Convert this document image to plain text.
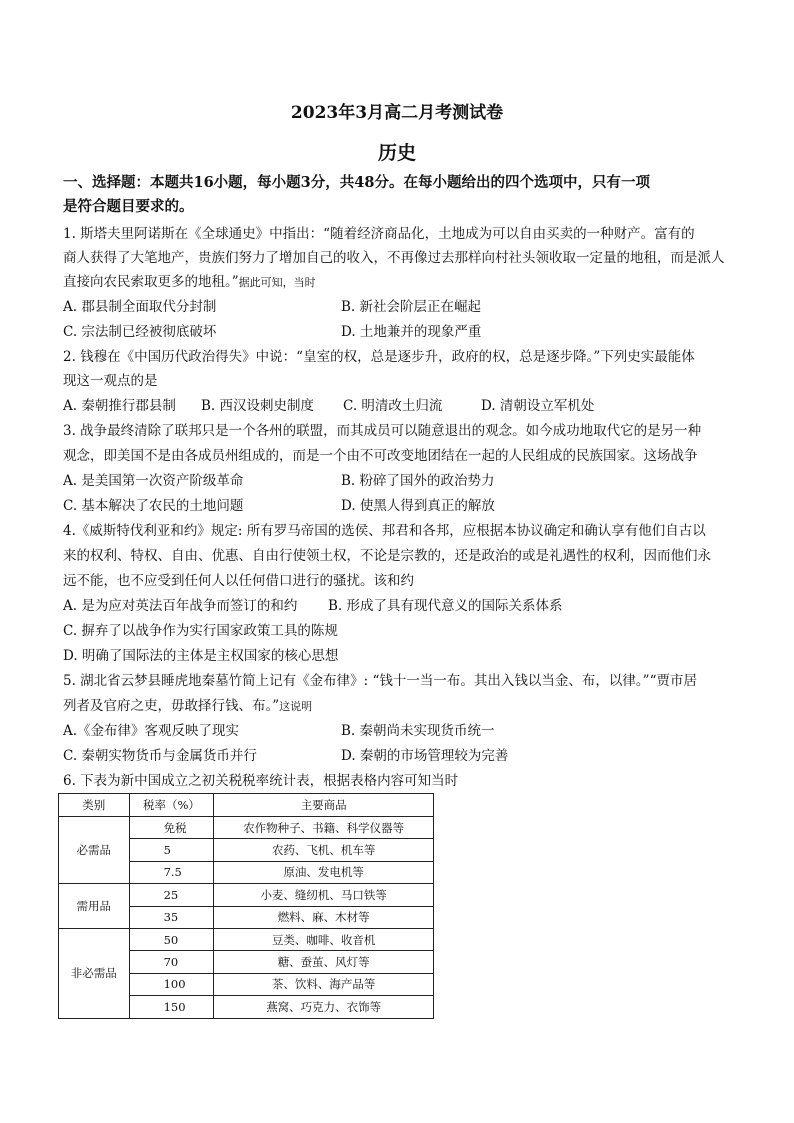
2023年3月高二月考测试卷
历史
一、选择题：本题共16小题，每小题3分，共48分。在每小题给出的四个选项中，只有一项
是符合题目要求的。
1. 斯塔夫里阿诺斯在《全球通史》中指出：“随着经济商品化，土地成为可以自由买卖的一种财产。富有的
商人获得了大笔地产，贵族们努力了增加自己的收入，不再像过去那样向村社头领收取一定量的地租，而是派人
直接向农民索取更多的地租。”据此可知，当时
A. 郡县制全面取代分封制	B. 新社会阶层正在崛起
C. 宗法制已经被彻底破坏	D. 土地兼并的现象严重
2. 钱穆在《中国历代政治得失》中说：“皇室的权，总是逐步升，政府的权，总是逐步降。”下列史实最能体
现这一观点的是
A. 秦朝推行郡县制 B. 西汉设刺史制度 C. 明清改土归流	D. 清朝设立军机处
3. 战争最终清除了联邦只是一个各州的联盟，而其成员可以随意退出的观念。如今成功地取代它的是另一种
观念，即美国不是由各成员州组成的，而是一个由不可改变地团结在一起的人民组成的民族国家。这场战争
A. 是美国第一次资产阶级革命	B. 粉碎了国外的政治势力
C. 基本解决了农民的土地问题	D. 使黑人得到真正的解放
4.《威斯特伐利亚和约》规定: 所有罗马帝国的选侯、邦君和各邦，应根据本协议确定和确认享有他们自古以
来的权利、特权、自由、优惠、自由行使领土权，不论是宗教的，还是政治的或是礼遇性的权利，因而他们永
远不能，也不应受到任何人以任何借口进行的骚扰。该和约
A. 是为应对英法百年战争而签订的和约 B. 形成了具有现代意义的国际关系体系
C. 摒弃了以战争作为实行国家政策工具的陈规
D. 明确了国际法的主体是主权国家的核心思想
5. 湖北省云梦县睡虎地秦墓竹简上记有《金布律》: “钱十一当一布。其出入钱以当金、布，以律。”“贾市居
列者及官府之吏，毋敢择行钱、布。”这说明
A.《金布律》客观反映了现实	B. 秦朝尚未实现货币统一
C. 秦朝实物货币与金属货币并行	D. 秦朝的市场管理较为完善
6. 下表为新中国成立之初关税税率统计表，根据表格内容可知当时
类别	税率（%）	主要商品
必需品	免税	农作物种子、书籍、科学仪器等
	5	农药、飞机、机车等
	7.5	原油、发电机等
需用品	25	小麦、缝纫机、马口铁等
	35	燃料、麻、木材等
非必需品	50	豆类、咖啡、收音机
	70	糖、蚕茧、风灯等
	100	茶、饮料、海产品等
	150	燕窝、巧克力、衣饰等
